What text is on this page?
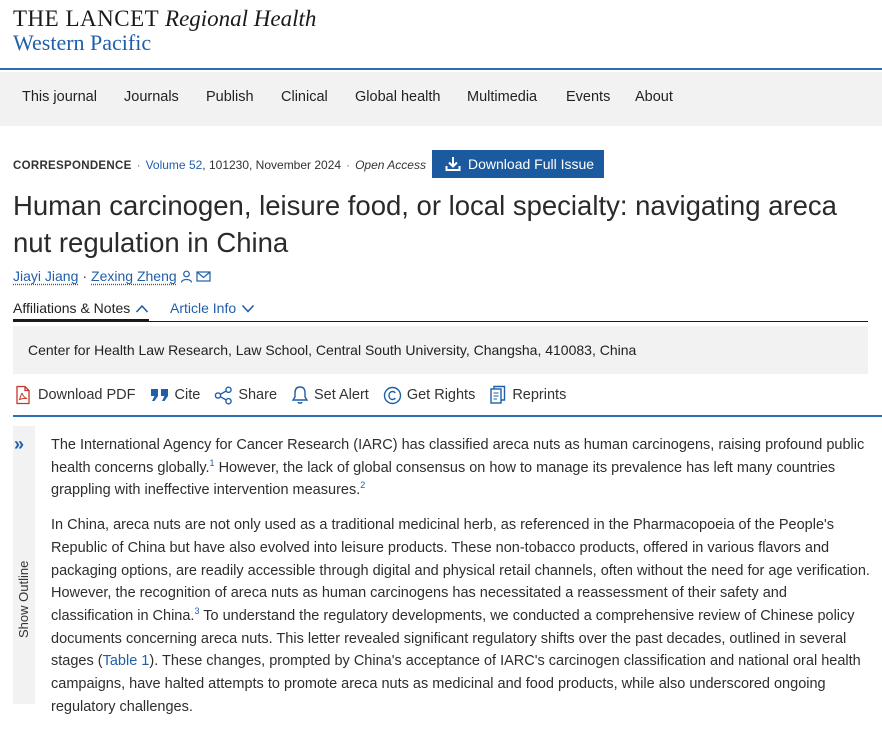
THE LANCET Regional Health
Western Pacific
This journal Journals Publish Clinical Global health Multimedia Events About
CORRESPONDENCE · Volume 52, 101230, November 2024 · Open Access	Download Full Issue
Human carcinogen, leisure food, or local specialty: navigating areca nut regulation in China
Jiayi Jiang · Zexing Zheng
Affiliations & Notes	Article Info
Center for Health Law Research, Law School, Central South University, Changsha, 410083, China
Download PDF	Cite	Share	Set Alert	Get Rights	Reprints
»
Show Outline

The International Agency for Cancer Research (IARC) has classified areca nuts as human carcinogens, raising profound public health concerns globally.$^1$ However, the lack of global consensus on how to manage its prevalence has left many countries grappling with ineffective intervention measures.$^2$

In China, areca nuts are not only used as a traditional medicinal herb, as referenced in the Pharmacopoeia of the People's Republic of China but have also evolved into leisure products. These non-tobacco products, offered in various flavors and packaging options, are readily accessible through digital and physical retail channels, often without the need for age verification. However, the recognition of areca nuts as human carcinogens has necessitated a reassessment of their safety and classification in China.$^3$ To understand the regulatory developments, we conducted a comprehensive review of Chinese policy documents concerning areca nuts. This letter revealed significant regulatory shifts over the past decades, outlined in several stages (Table 1). These changes, prompted by China's acceptance of IARC's carcinogen classification and national oral health campaigns, have halted attempts to promote areca nuts as medicinal and food products, while also underscored ongoing regulatory challenges.
